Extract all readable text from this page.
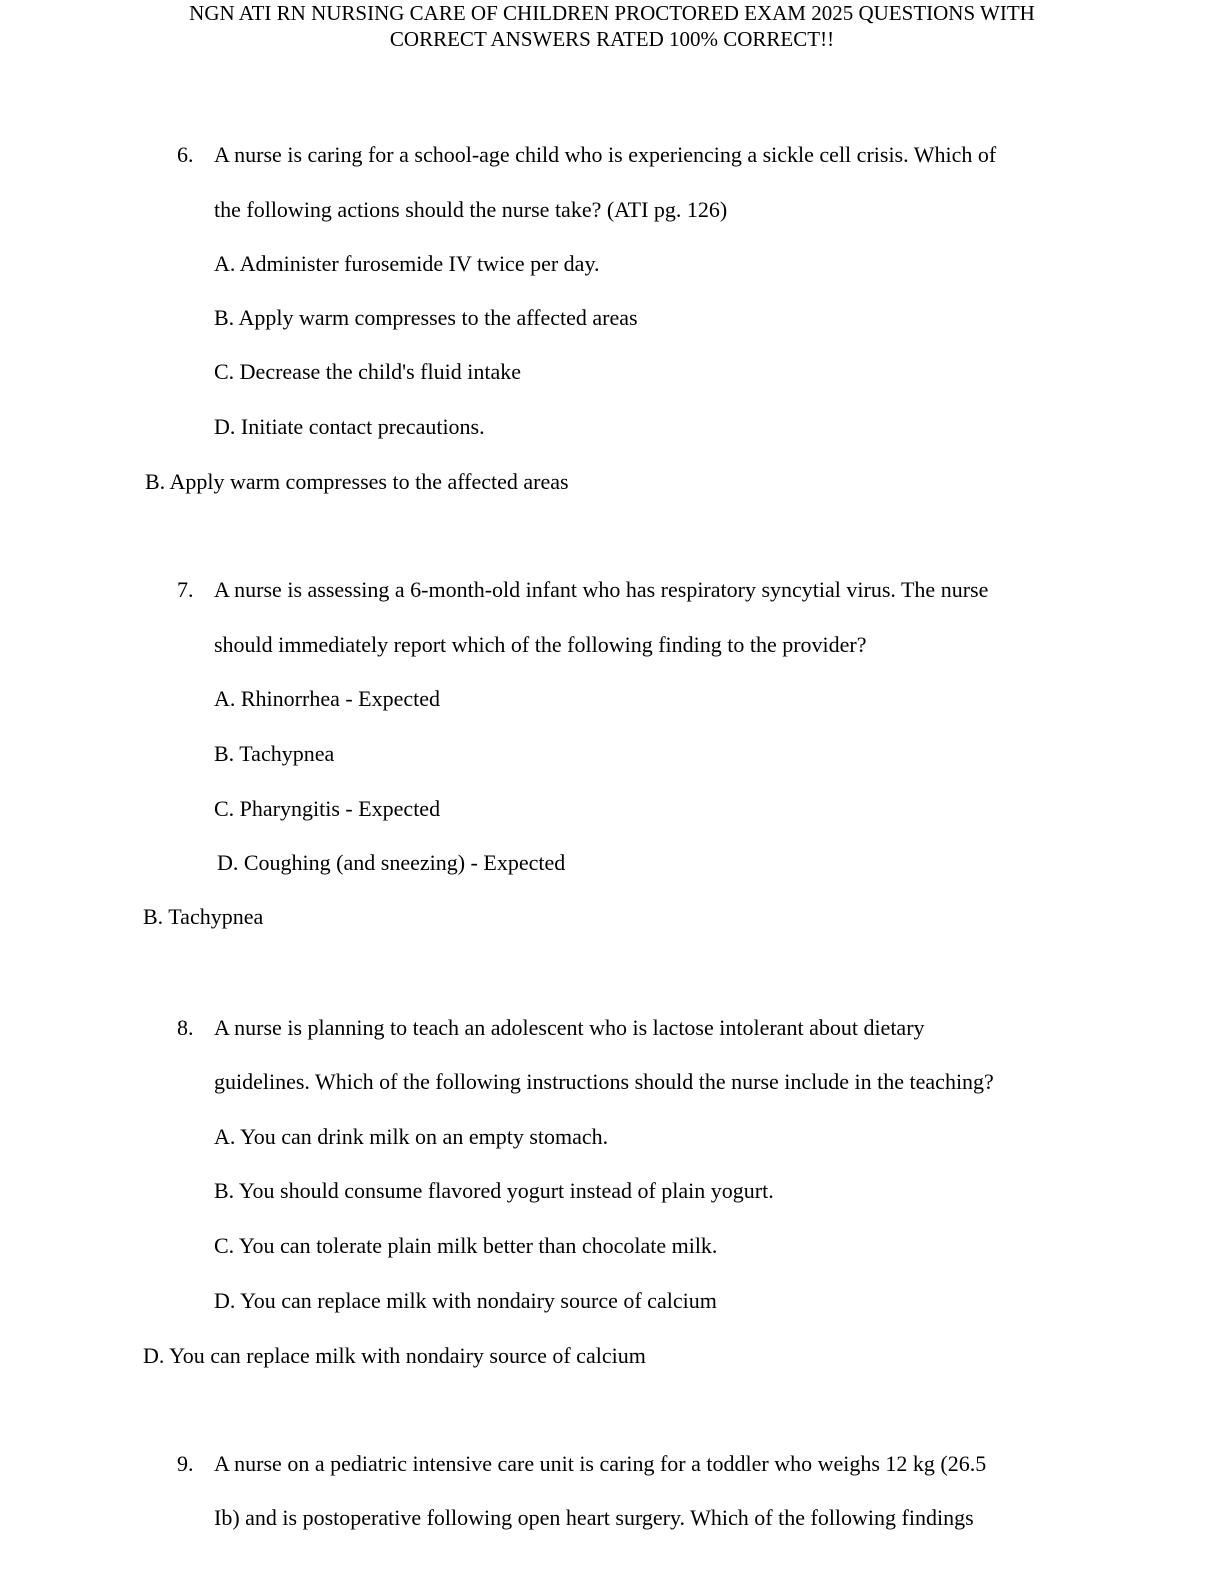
NGN ATI RN NURSING CARE OF CHILDREN PROCTORED EXAM 2025 QUESTIONS WITH
CORRECT ANSWERS RATED 100% CORRECT!!
6. A nurse is caring for a school-age child who is experiencing a sickle cell crisis. Which of
the following actions should the nurse take? (ATI pg. 126)
A. Administer furosemide IV twice per day.
B. Apply warm compresses to the affected areas
C. Decrease the child's fluid intake
D. Initiate contact precautions.
B. Apply warm compresses to the affected areas
7. A nurse is assessing a 6-month-old infant who has respiratory syncytial virus. The nurse
should immediately report which of the following finding to the provider?
A. Rhinorrhea - Expected
B. Tachypnea
C. Pharyngitis - Expected
D. Coughing (and sneezing) - Expected
B. Tachypnea
8. A nurse is planning to teach an adolescent who is lactose intolerant about dietary
guidelines. Which of the following instructions should the nurse include in the teaching?
A. You can drink milk on an empty stomach.
B. You should consume flavored yogurt instead of plain yogurt.
C. You can tolerate plain milk better than chocolate milk.
D. You can replace milk with nondairy source of calcium
D. You can replace milk with nondairy source of calcium
9. A nurse on a pediatric intensive care unit is caring for a toddler who weighs 12 kg (26.5
Ib) and is postoperative following open heart surgery. Which of the following findings
